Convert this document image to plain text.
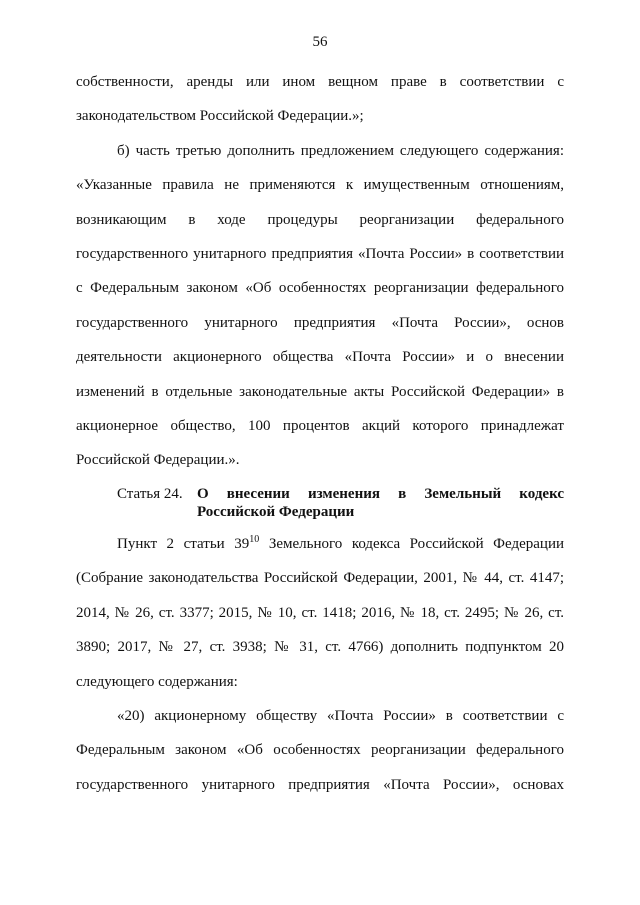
56

собственности, аренды или ином вещном праве в соответствии с законодательством Российской Федерации.»;

б) часть третью дополнить предложением следующего содержания: «Указанные правила не применяются к имущественным отношениям, возникающим в ходе процедуры реорганизации федерального государственного унитарного предприятия «Почта России» в соответствии с Федеральным законом «Об особенностях реорганизации федерального государственного унитарного предприятия «Почта России», основ деятельности акционерного общества «Почта России» и о внесении изменений в отдельные законодательные акты Российской Федерации» в акционерное общество, 100 процентов акций которого принадлежат Российской Федерации.».

Статья 24. О внесении изменения в Земельный кодекс Российской Федерации

Пункт 2 статьи $39^{10}$ Земельного кодекса Российской Федерации

(Собрание законодательства Российской Федерации, 2001, № 44, ст. 4147; 2014, № 26, ст. 3377; 2015, № 10, ст. 1418; 2016, № 18, ст. 2495; № 26, ст. 3890; 2017, № 27, ст. 3938; № 31, ст. 4766) дополнить подпунктом 20 следующего содержания:

«20) акционерному обществу «Почта России» в соответствии с Федеральным законом «Об особенностях реорганизации федерального государственного унитарного предприятия «Почта России», основах
